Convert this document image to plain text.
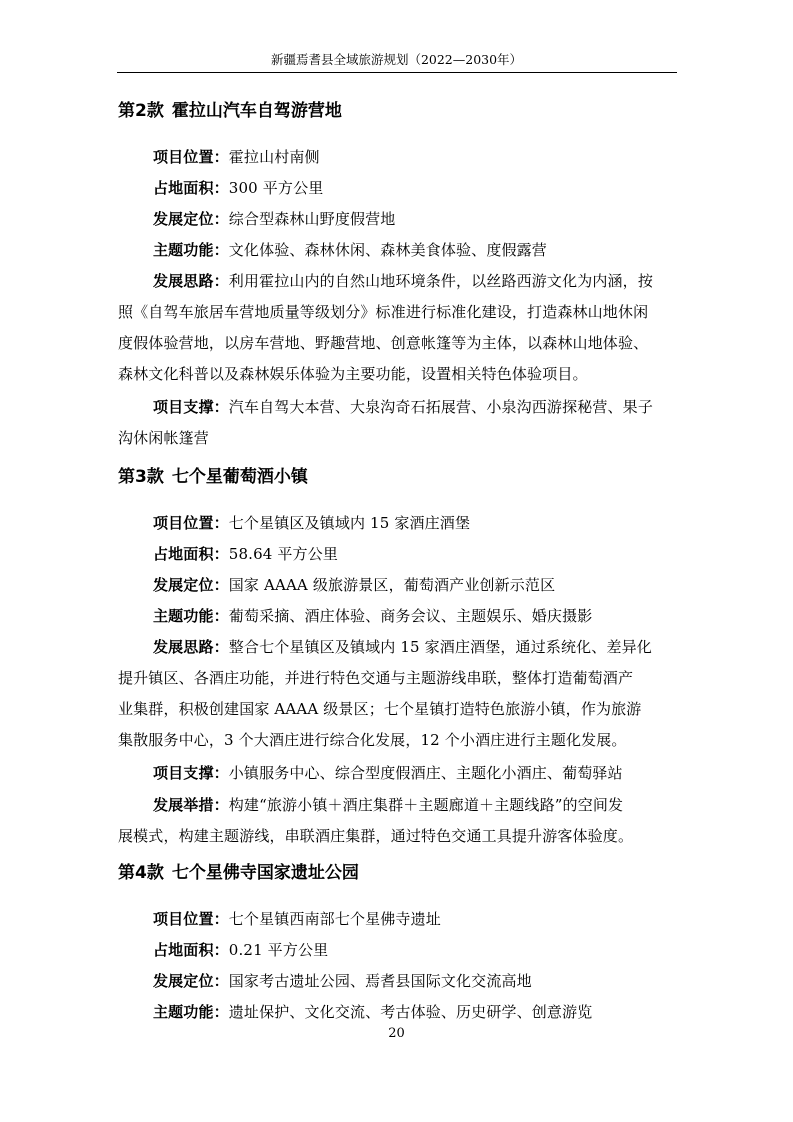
新疆焉耆县全域旅游规划（2022—2030年）
第2款 霍拉山汽车自驾游营地
项目位置：霍拉山村南侧
占地面积：300 平方公里
发展定位：综合型森林山野度假营地
主题功能：文化体验、森林休闲、森林美食体验、度假露营
发展思路：利用霍拉山内的自然山地环境条件，以丝路西游文化为内涵，按
照《自驾车旅居车营地质量等级划分》标准进行标准化建设，打造森林山地休闲
度假体验营地，以房车营地、野趣营地、创意帐篷等为主体，以森林山地体验、
森林文化科普以及森林娱乐体验为主要功能，设置相关特色体验项目。
项目支撑：汽车自驾大本营、大泉沟奇石拓展营、小泉沟西游探秘营、果子
沟休闲帐篷营
第3款 七个星葡萄酒小镇
项目位置：七个星镇区及镇域内 15 家酒庄酒堡
占地面积：58.64 平方公里
发展定位：国家 AAAA 级旅游景区，葡萄酒产业创新示范区
主题功能：葡萄采摘、酒庄体验、商务会议、主题娱乐、婚庆摄影
发展思路：整合七个星镇区及镇域内 15 家酒庄酒堡，通过系统化、差异化
提升镇区、各酒庄功能，并进行特色交通与主题游线串联，整体打造葡萄酒产
业集群，积极创建国家 AAAA 级景区；七个星镇打造特色旅游小镇，作为旅游
集散服务中心，3 个大酒庄进行综合化发展，12 个小酒庄进行主题化发展。
项目支撑：小镇服务中心、综合型度假酒庄、主题化小酒庄、葡萄驿站
发展举措：构建“旅游小镇＋酒庄集群＋主题廊道＋主题线路”的空间发
展模式，构建主题游线，串联酒庄集群，通过特色交通工具提升游客体验度。
第4款 七个星佛寺国家遗址公园
项目位置：七个星镇西南部七个星佛寺遗址
占地面积：0.21 平方公里
发展定位：国家考古遗址公园、焉耆县国际文化交流高地
主题功能：遗址保护、文化交流、考古体验、历史研学、创意游览
20
